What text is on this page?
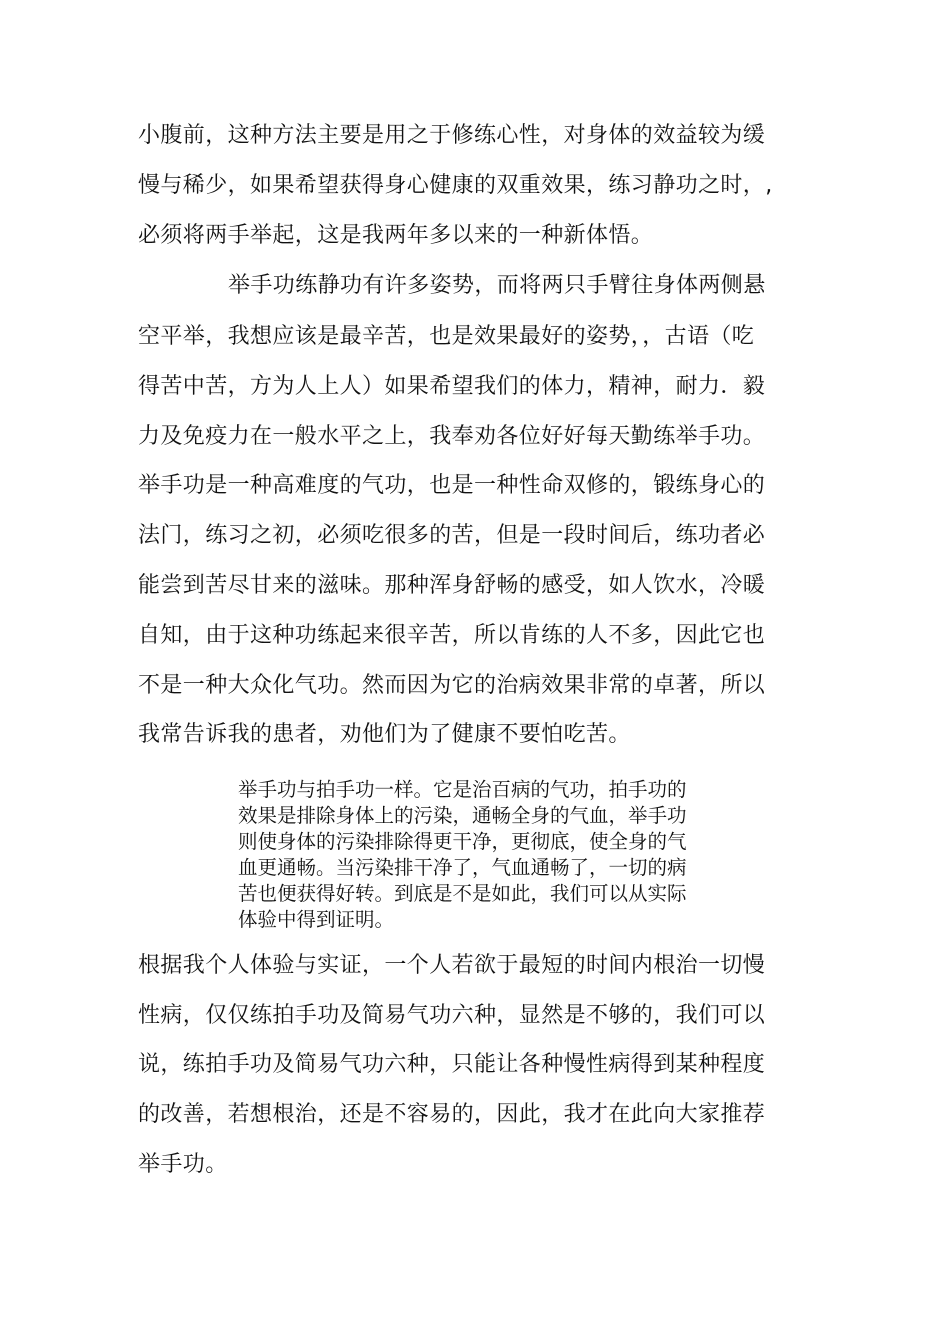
小腹前，这种方法主要是用之于修练心性，对身体的效益较为缓
慢与稀少，如果希望获得身心健康的双重效果，练习静功之时，,
必须将两手举起，这是我两年多以来的一种新体悟。
举手功练静功有许多姿势，而将两只手臂往身体两侧悬
空平举，我想应该是最辛苦，也是效果最好的姿势，，古语（吃
得苦中苦，方为人上人）如果希望我们的体力，精神，耐力．毅
力及免疫力在一般水平之上，我奉劝各位好好每天勤练举手功。
举手功是一种高难度的气功，也是一种性命双修的，锻练身心的
法门，练习之初，必须吃很多的苦，但是一段时间后，练功者必
能尝到苦尽甘来的滋味。那种浑身舒畅的感受，如人饮水，冷暖
自知，由于这种功练起来很辛苦，所以肯练的人不多，因此它也
不是一种大众化气功。然而因为它的治病效果非常的卓著，所以
我常告诉我的患者，劝他们为了健康不要怕吃苦。
举手功与拍手功一样。它是治百病的气功，拍手功的
效果是排除身体上的污染，通畅全身的气血，举手功
则使身体的污染排除得更干净，更彻底，使全身的气
血更通畅。当污染排干净了，气血通畅了，一切的病
苦也便获得好转。到底是不是如此，我们可以从实际
体验中得到证明。
根据我个人体验与实证，一个人若欲于最短的时间内根治一切慢
性病，仅仅练拍手功及简易气功六种，显然是不够的，我们可以
说，练拍手功及简易气功六种，只能让各种慢性病得到某种程度
的改善，若想根治，还是不容易的，因此，我才在此向大家推荐
举手功。
